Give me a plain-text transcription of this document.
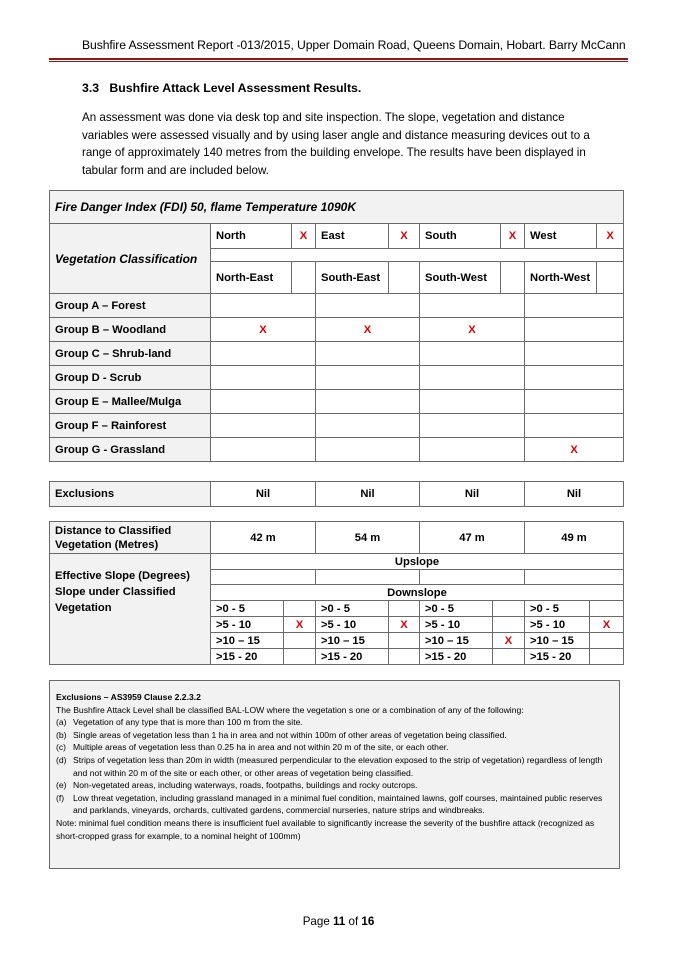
Bushfire Assessment Report -013/2015, Upper Domain Road, Queens Domain, Hobart. Barry McCann
3.3 Bushfire Attack Level Assessment Results.
An assessment was done via desk top and site inspection. The slope, vegetation and distance variables were assessed visually and by using laser angle and distance measuring devices out to a range of approximately 140 metres from the building envelope. The results have been displayed in tabular form and are included below.
Fire Danger Index (FDI) 50, flame Temperature 1090K								
Vegetation Classification	North	X	East	X	South	X	West	X

	North-East		South-East		South-West		North-West	
Group A – Forest								
Group B – Woodland	X		X		X			
Group C – Shrub-land								
Group D - Scrub								
Group E – Mallee/Mulga								
Group F – Rainforest								
Group G - Grassland							X	
Exclusions	Nil	Nil	Nil	Nil
Distance to Classified Vegetation (Metres)	42 m		54 m		47 m		49 m	
Effective Slope (Degrees) Slope under Classified Vegetation	Upslope							

	Downslope							
	>0 - 5		>0 - 5		>0 - 5		>0 - 5	
	>5 - 10	X	>5 - 10	X	>5 - 10		>5 - 10	X
	>10 – 15		>10 – 15		>10 – 15	X	>10 – 15	
	>15 - 20		>15 - 20		>15 - 20		>15 - 20	
Exclusions – AS3959 Clause 2.2.3.2
The Bushfire Attack Level shall be classified BAL-LOW where the vegetation s one or a combination of any of the following:
(a) Vegetation of any type that is more than 100 m from the site.
(b) Single areas of vegetation less than 1 ha in area and not within 100m of other areas of vegetation being classified.
(c) Multiple areas of vegetation less than 0.25 ha in area and not within 20 m of the site, or each other.
(d) Strips of vegetation less than 20m in width (measured perpendicular to the elevation exposed to the strip of vegetation) regardless of length and not within 20 m of the site or each other, or other areas of vegetation being classified.
(e) Non-vegetated areas, including waterways, roads, footpaths, buildings and rocky outcrops.
(f)	Low threat vegetation, including grassland managed in a minimal fuel condition, maintained lawns, golf courses, maintained public reserves and parklands, vineyards, orchards, cultivated gardens, commercial nurseries, nature strips and windbreaks.
Note: minimal fuel condition means there is insufficient fuel available to significantly increase the severity of the bushfire attack (recognized as short-cropped grass for example, to a nominal height of 100mm)
Page 11 of 16
